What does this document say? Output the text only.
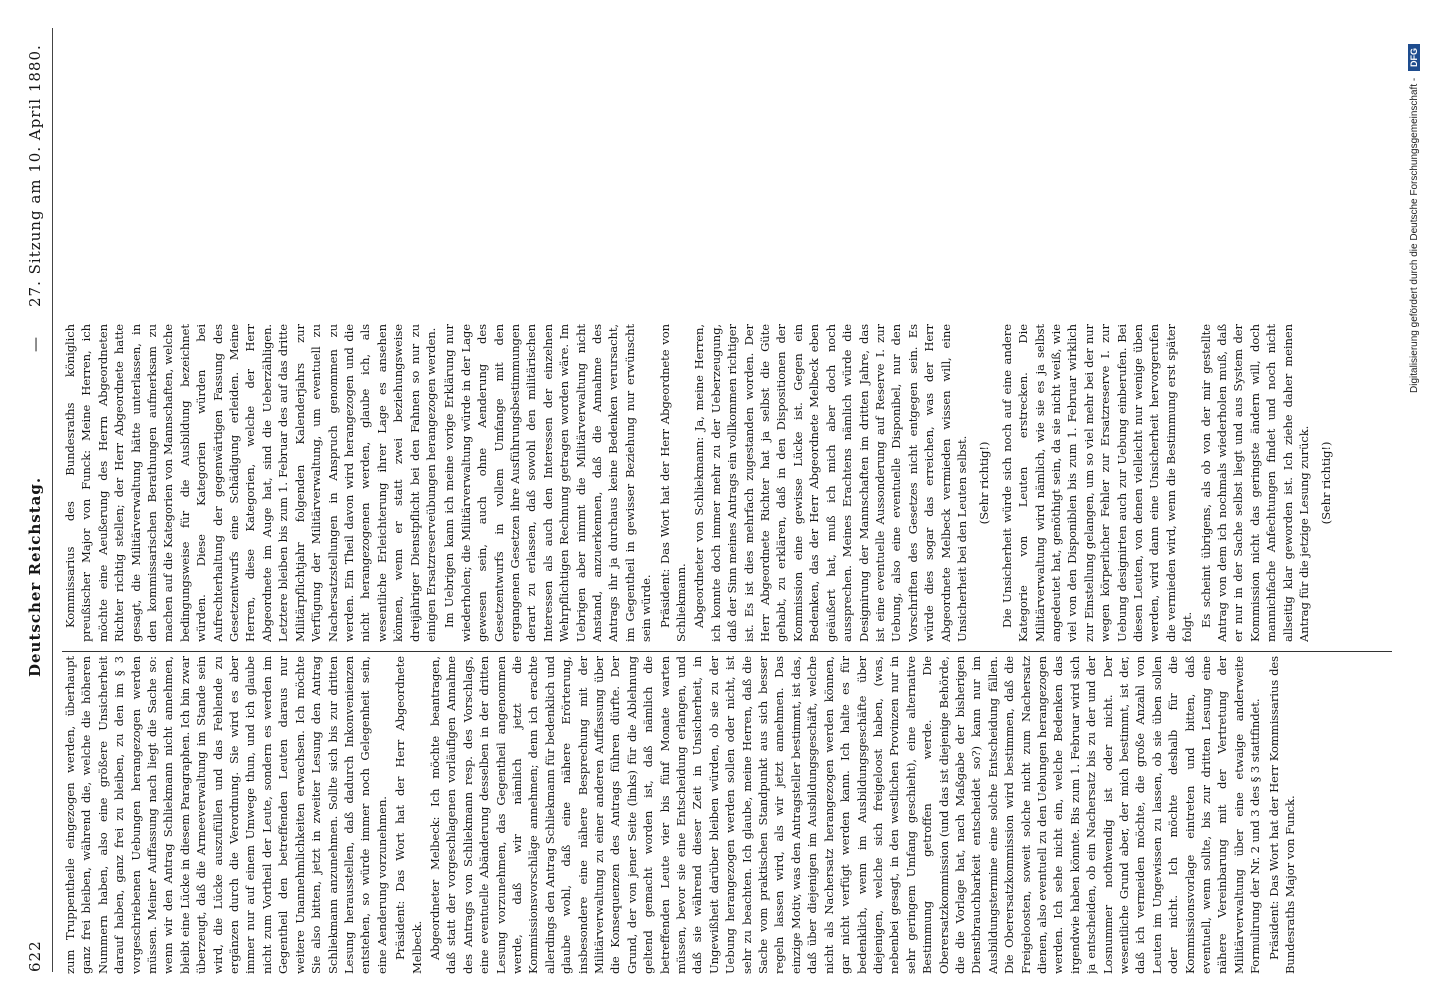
622
Deutscher Reichstag.
—
27. Sitzung am 10. April 1880.

zum Truppentheile eingezogen werden, überhaupt ganz frei bleiben, während die, welche die höheren Nummern haben, also eine größere Unsicherheit darauf haben, ganz frei zu bleiben, zu den im § 3 vorgeschriebenen Uebungen herangezogen werden müssen. Meiner Auffassung nach liegt die Sache so: wenn wir den Antrag Schliekmann nicht annehmen, bleibt eine Lücke in diesem Paragraphen. Ich bin zwar überzeugt, daß die Armeeverwaltung im Stande sein wird, die Lücke auszufüllen und das Fehlende zu ergänzen durch die Verordnung. Sie wird es aber immer nur auf einem Umwege thun, und ich glaube nicht zum Vortheil der Leute, sondern es werden im Gegentheil den betreffenden Leuten daraus nur weitere Unannehmlichkeiten erwachsen. Ich möchte Sie also bitten, jetzt in zweiter Lesung den Antrag Schliekmann anzunehmen. Sollte sich bis zur dritten Lesung herausstellen, daß dadurch Inkonvenienzen entstehen, so würde immer noch Gelegenheit sein, eine Aenderung vorzunehmen. Präsident: Das Wort hat der Herr Abgeordnete Melbeck. Abgeordneter Melbeck: Ich möchte beantragen, daß statt der vorgeschlagenen vorläufigen Annahme des Antrags von Schliekmann resp. des Vorschlags, eine eventuelle Abänderung desselben in der dritten Lesung vorzunehmen, das Gegentheil angenommen werde, daß wir nämlich jetzt die Kommissionsvorschläge annehmen; denn ich erachte allerdings den Antrag Schliekmann für bedenklich und glaube wohl, daß eine nähere Erörterung, insbesondere eine nähere Besprechung mit der Militärverwaltung zu einer anderen Auffassung über die Konsequenzen des Antrags führen dürfte. Der Grund, der von jener Seite (links) für die Ablehnung geltend gemacht worden ist, daß nämlich die betreffenden Leute vier bis fünf Monate warten müssen, bevor sie eine Entscheidung erlangen, und daß sie während dieser Zeit in Unsicherheit, in Ungewißheit darüber bleiben würden, ob sie zu der Uebung herangezogen werden sollen oder nicht, ist sehr zu beachten. Ich glaube, meine Herren, daß die Sache vom praktischen Standpunkt aus sich besser regeln lassen wird, als wir jetzt annehmen. Das einzige Motiv, was den Antragsteller bestimmt, ist das, daß über diejenigen im Ausbildungsgeschäft, welche nicht als Nachersatz herangezogen werden können, gar nicht verfügt werden kann. Ich halte es für bedenklich, wenn im Ausbildungsgeschäfte über diejenigen, welche sich freigeloost haben, (was, nebenbei gesagt, in den westlichen Provinzen nur in sehr geringem Umfang geschieht), eine alternative Bestimmung getroffen werde. Die Oberersatzkommission (und das ist diejenige Behörde, die die Vorlage hat, nach Maßgabe der bisherigen Dienstbrauchbarkeit entscheidet so?) kann nur im Ausbildungstermine eine solche Entscheidung fällen. Die Oberersatzkommission wird bestimmen, daß die Freigeloosten, soweit solche nicht zum Nachersatz dienen, also eventuell zu den Uebungen herangezogen werden. Ich sehe nicht ein, welche Bedenken das irgendwie haben könnte. Bis zum 1. Februar wird sich ja entscheiden, ob ein Nachersatz bis zu der und der Losnummer nothwendig ist oder nicht. Der wesentliche Grund aber, der mich bestimmt, ist der, daß ich vermeiden möchte, die große Anzahl von Leuten im Ungewissen zu lassen, ob sie üben sollen oder nicht. Ich möchte deshalb für die Kommissionsvorlage eintreten und bitten, daß eventuell, wenn sollte, bis zur dritten Lesung eine nähere Vereinbarung mit der Vertretung der Militärverwaltung über eine etwaige anderweite Formulirung der Nr. 2 und 3 des § 3 stattfindet. Präsident: Das Wort hat der Herr Kommissarius des Bundesraths Major von Funck.

Kommissarius des Bundesraths königlich preußischer Major von Funck: Meine Herren, ich möchte eine Aeußerung des Herrn Abgeordneten Richter richtig stellen; der Herr Abgeordnete hatte gesagt, die Militärverwaltung hätte unterlassen, in den kommissarischen Berathungen aufmerksam zu machen auf die Kategorien von Mannschaften, welche bedingungsweise für die Ausbildung bezeichnet würden. Diese Kategorien würden bei Aufrechterhaltung der gegenwärtigen Fassung des Gesetzentwurfs eine Schädigung erleiden. Meine Herren, diese Kategorien, welche der Herr Abgeordnete im Auge hat, sind die Ueberzähligen. Letztere bleiben bis zum 1. Februar des auf das dritte Militärpflichtjahr folgenden Kalenderjahrs zur Verfügung der Militärverwaltung, um eventuell zu Nachersatzstellungen in Anspruch genommen zu werden. Ein Theil davon wird herangezogen und die nicht herangezogenen werden, glaube ich, als wesentliche Erleichterung ihrer Lage es ansehen können, wenn er statt zwei beziehungsweise dreijähriger Dienstpflicht bei den Fahnen so nur zu einigen Ersatzreserveübungen herangezogen werden. Im Uebrigen kann ich meine vorige Erklärung nur wiederholen; die Militärverwaltung würde in der Lage gewesen sein, auch ohne Aenderung des Gesetzentwurfs in vollem Umfange mit den ergangenen Gesetzen ihre Ausführungsbestimmungen derart zu erlassen, daß sowohl den militärischen Interessen als auch den Interessen der einzelnen Wehrpflichtigen Rechnung getragen worden wäre. Im Uebrigen aber nimmt die Militärverwaltung nicht Anstand, anzuerkennen, daß die Annahme des Antrags ihr ja durchaus keine Bedenken verursacht, im Gegentheil in gewisser Beziehung nur erwünscht sein würde. Präsident: Das Wort hat der Herr Abgeordnete von Schliekmann. Abgeordneter von Schliekmann: Ja, meine Herren, ich konnte doch immer mehr zu der Ueberzeugung, daß der Sinn meines Antrags ein vollkommen richtiger ist. Es ist dies mehrfach zugestanden worden. Der Herr Abgeordnete Richter hat ja selbst die Güte gehabt, zu erklären, daß in den Dispositionen der Kommission eine gewisse Lücke ist. Gegen ein Bedenken, das der Herr Abgeordnete Melbeck eben geäußert hat, muß ich mich aber doch noch aussprechen. Meines Erachtens nämlich würde die Designirung der Mannschaften im dritten Jahre, das ist eine eventuelle Aussonderung auf Reserve I. zur Uebung, also eine eventuelle Disponibel, nur den Vorschriften des Gesetzes nicht entgegen sein. Es würde dies sogar das erreichen, was der Herr Abgeordnete Melbeck vermieden wissen will, eine Unsicherheit bei den Leuten selbst. (Sehr richtig!) Die Unsicherheit würde sich noch auf eine andere Kategorie von Leuten erstrecken. Die Militärverwaltung wird nämlich, wie sie es ja selbst angedeutet hat, genöthigt sein, da sie nicht weiß, wie viel von den Disponiblen bis zum 1. Februar wirklich zur Einstellung gelangen, um so viel mehr bei der nur wegen körperlicher Fehler zur Ersatzreserve I. zur Uebung designirten auch zur Uebung einberufen. Bei diesen Leuten, von denen vielleicht nur wenige üben werden, wird dann eine Unsicherheit hervorgerufen die vermieden wird, wenn die Bestimmung erst später folgt. Es scheint übrigens, als ob von der mir gestellte Antrag von dem ich nochmals wiederholen muß, daß er nur in der Sache selbst liegt und aus System der Kommission nicht das geringste ändern will, doch mannichfache Anfechtungen findet und noch nicht allseitig klar geworden ist. Ich ziehe daher meinen Antrag für die jetzige Lesung zurück. (Sehr richtig!)

Digitalisierung gefördert durch die Deutsche Forschungsgemeinschaft - DFG
